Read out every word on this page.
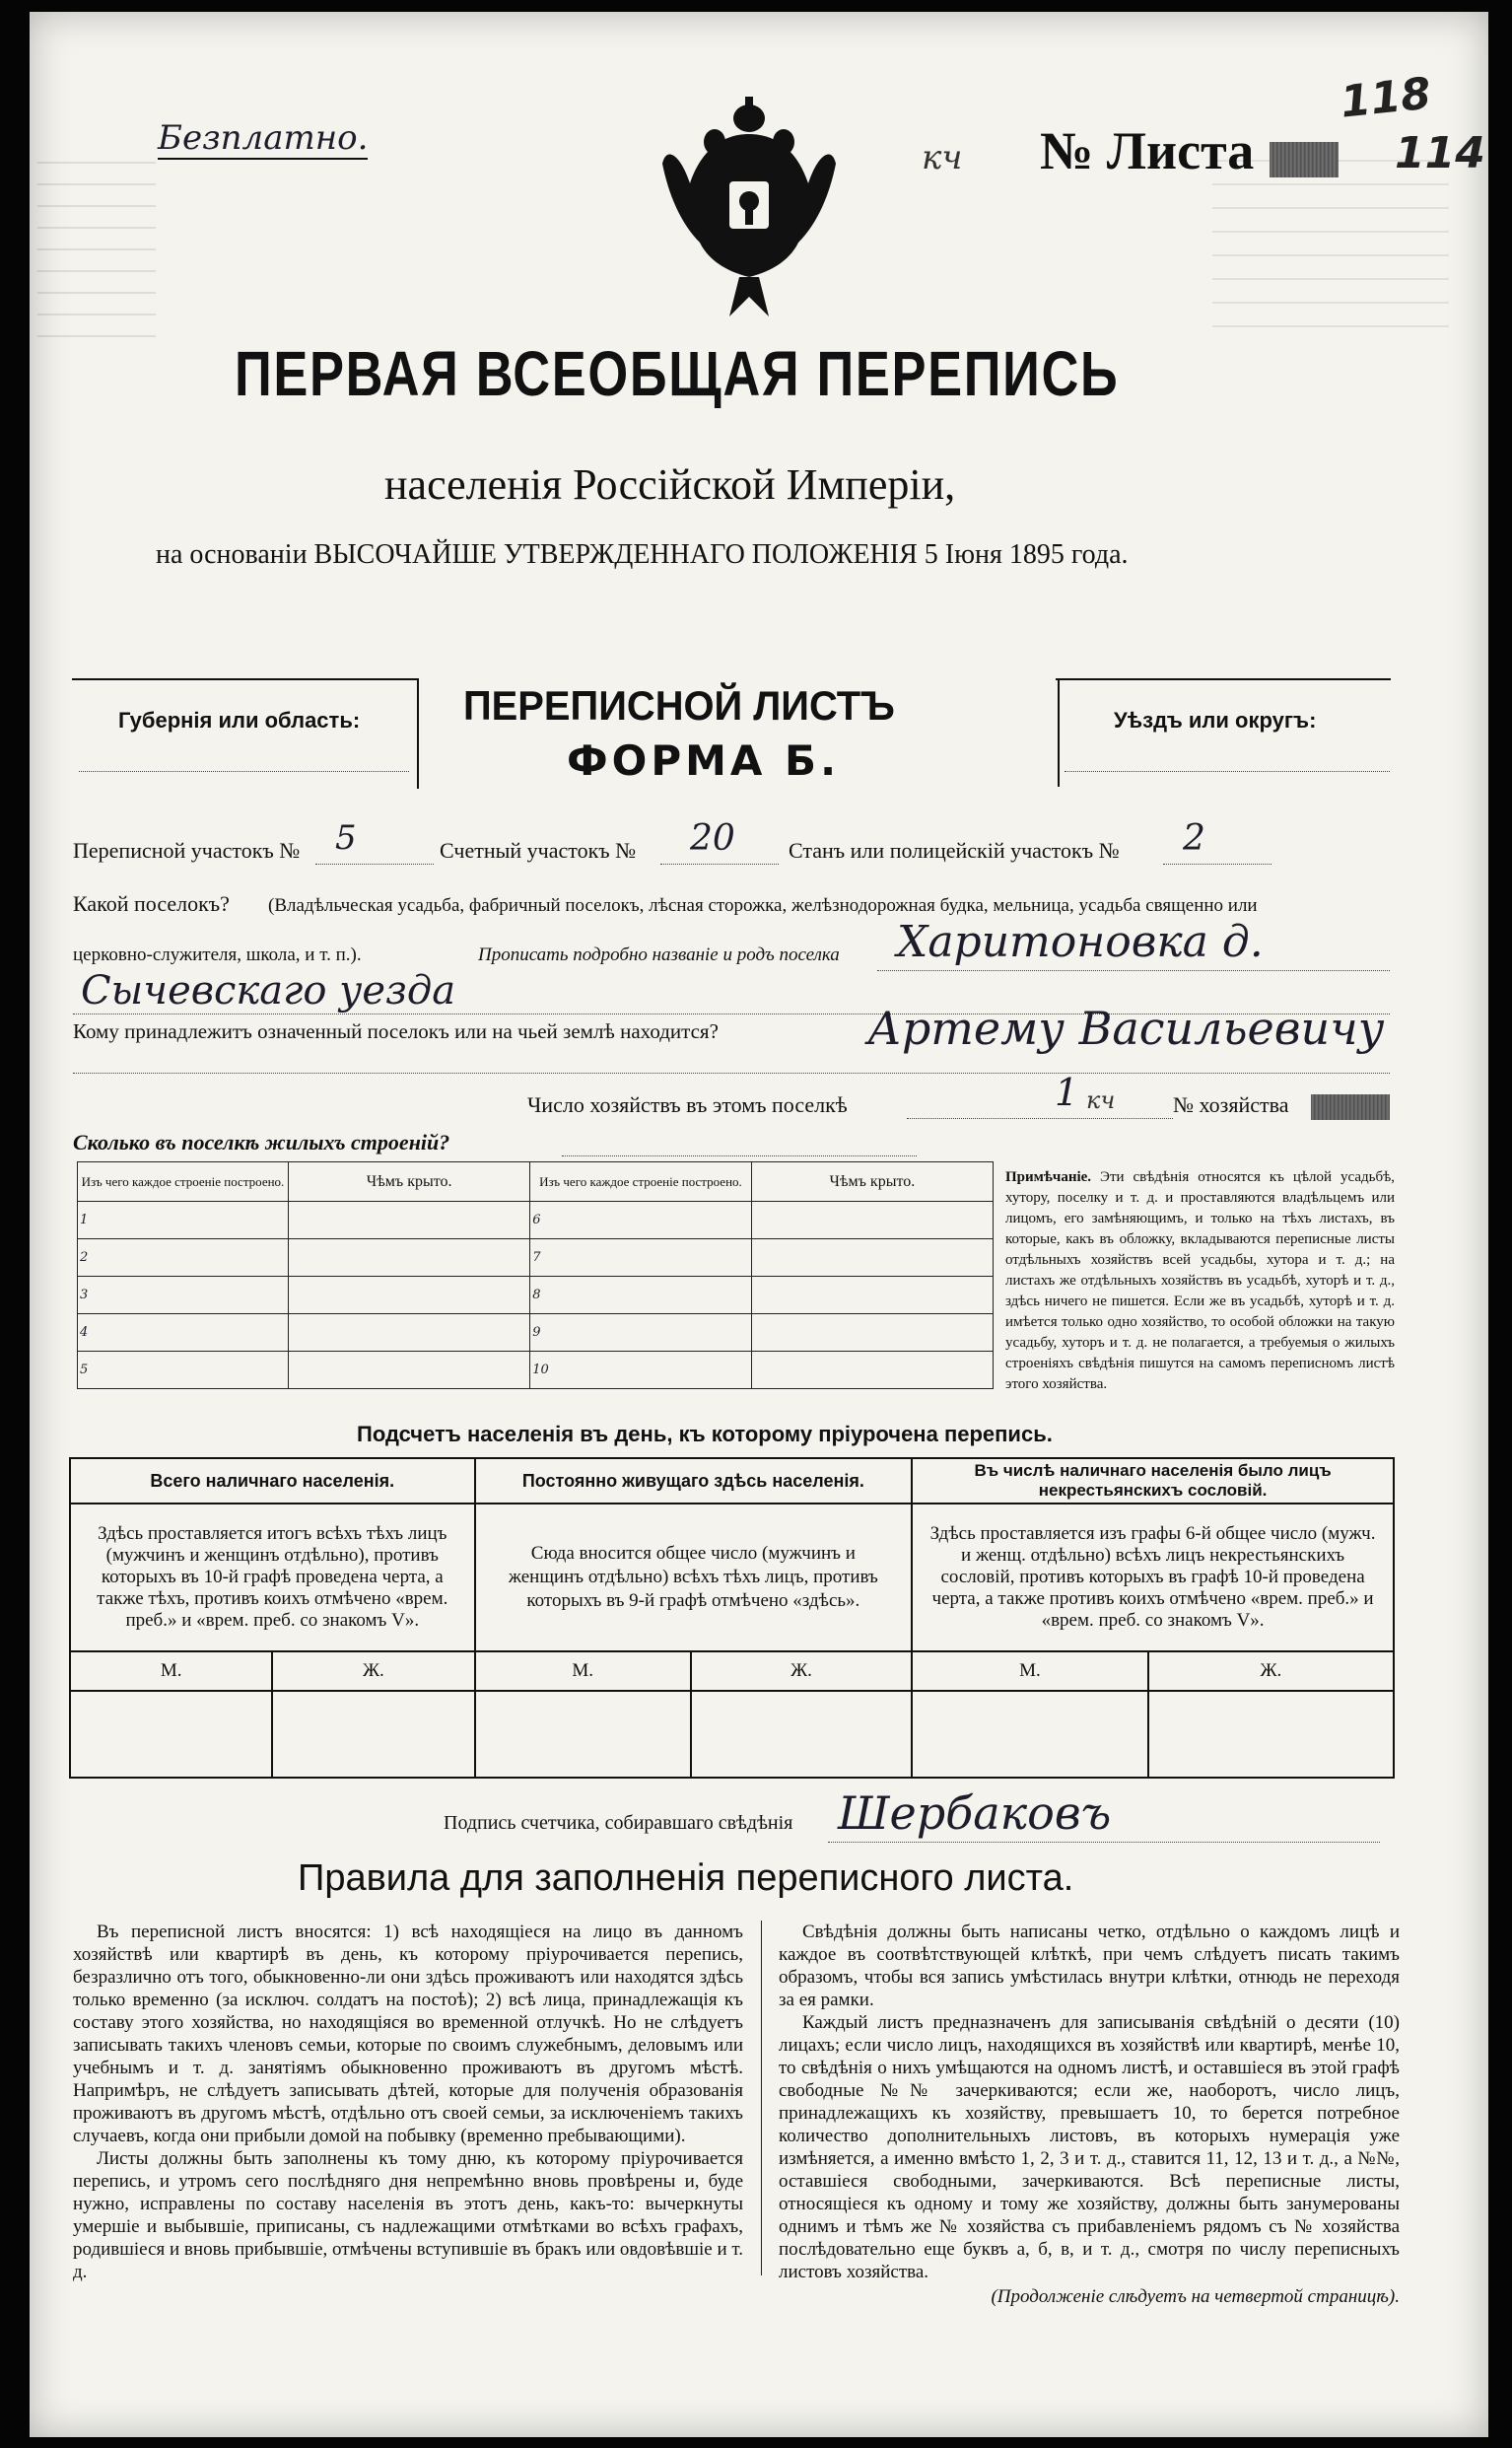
Безплатно.	кч № Листа
118
114
ПЕРВАЯ ВСЕОБЩАЯ ПЕРЕПИСЬ
населенія Россійской Имперіи,
на основаніи ВЫСОЧАЙШЕ УТВЕРЖДЕННАГО ПОЛОЖЕНІЯ 5 Іюня 1895 года.
Губернія или область: ПЕРЕПИСНОЙ ЛИСТЪ
ФОРМА Б.
Уѣздъ или округъ:
Переписной участокъ № 5	Счетный участокъ № 20 Станъ или полицейскій участокъ № 2
Какой поселокъ? (Владѣльческая усадьба, фабричный поселокъ, лѣсная сторожка, желѣзнодорожная будка, мельница, усадьба священно или
церковно-служителя, школа, и т. п.).	Прописать подробно названіе и родъ поселка Харитоновка д.
Сычевскаго уезда
Кому принадлежитъ означенный поселокъ или на чьей землѣ находится?	Артему Васильевичу
Число хозяйствъ въ этомъ поселкѣ	1 кч	№ хозяйства
Сколько въ поселкѣ жилыхъ строеній?
Изъ чего каждое строеніе построено.	Чѣмъ крыто.	Изъ чего каждое строеніе построено.	Чѣмъ крыто.
1		6	
2		7	
3		8	
4		9	
5		10	
Примѣчаніе. Эти свѣдѣнія относятся къ цѣлой усадьбѣ, хутору, поселку и т. д. и проставляются владѣльцемъ или лицомъ, его замѣняющимъ, и только на тѣхъ листахъ, въ которые, какъ въ обложку, вкладываются переписные листы отдѣльныхъ хозяйствъ всей усадьбы, хутора и т. д.; на листахъ же отдѣльныхъ хозяйствъ въ усадьбѣ, хуторѣ и т. д., здѣсь ничего не пишется. Если же въ усадьбѣ, хуторѣ и т. д. имѣется только одно хозяйство, то особой обложки на такую усадьбу, хуторъ и т. д. не полагается, а требуемыя о жилыхъ строеніяхъ свѣдѣнія пишутся на самомъ переписномъ листѣ этого хозяйства.
Подсчетъ населенія въ день, къ которому пріурочена перепись.
Всего наличнаго населенія.		Постоянно живущаго здѣсь населенія.		Въ числѣ наличнаго населенія было лицъ некрестьянскихъ сословій.	
Здѣсь проставляется итогъ всѣхъ тѣхъ лицъ (мужчинъ и женщинъ отдѣльно), противъ которыхъ въ 10-й графѣ проведена черта, а также тѣхъ, противъ коихъ отмѣчено «врем. преб.» и «врем. преб. со знакомъ V».		Сюда вносится общее число (мужчинъ и женщинъ отдѣльно) всѣхъ тѣхъ лицъ, противъ которыхъ въ 9-й графѣ отмѣчено «здѣсь».		Здѣсь проставляется изъ графы 6-й общее число (мужч. и женщ. отдѣльно) всѣхъ лицъ некрестьянскихъ сословій, противъ которыхъ въ графѣ 10-й проведена черта, а также противъ коихъ отмѣчено «врем. преб.» и «врем. преб. со знакомъ V».	
М.	Ж.	М.	Ж.	М.	Ж.

Подпись счетчика, собиравшаго свѣдѣнія Шербаковъ
Правила для заполненія переписного листа.
Въ переписной листъ вносятся: 1) всѣ находящіеся на лицо въ данномъ хозяйствѣ или квартирѣ въ день, къ которому пріурочивается перепись, безразлично отъ того, обыкновенно-ли они здѣсь проживаютъ или находятся здѣсь только временно (за исключ. солдатъ на постоѣ); 2) всѣ лица, принадлежащія къ составу этого хозяйства, но находящіяся во временной отлучкѣ. Но не слѣдуетъ записывать такихъ членовъ семьи, которые по своимъ служебнымъ, деловымъ или учебнымъ и т. д. занятіямъ обыкновенно проживаютъ въ другомъ мѣстѣ. Напримѣръ, не слѣдуетъ записывать дѣтей, которые для полученія образованія проживаютъ въ другомъ мѣстѣ, отдѣльно отъ своей семьи, за исключеніемъ такихъ случаевъ, когда они прибыли домой на побывку (временно пребывающими).
Листы должны быть заполнены къ тому дню, къ которому пріурочивается перепись, и утромъ сего послѣдняго дня непремѣнно вновь провѣрены и, буде нужно, исправлены по составу населенія въ этотъ день, какъ-то: вычеркнуты умершіе и выбывшіе, приписаны, съ надлежащими отмѣтками во всѣхъ графахъ, родившіеся и вновь прибывшіе, отмѣчены вступившіе въ бракъ или овдовѣвшіе и т. д.
Свѣдѣнія должны быть написаны четко, отдѣльно о каждомъ лицѣ и каждое въ соотвѣтствующей клѣткѣ, при чемъ слѣдуетъ писать такимъ образомъ, чтобы вся запись умѣстилась внутри клѣтки, отнюдь не переходя за ея рамки.
Каждый листъ предназначенъ для записыванія свѣдѣній о десяти (10) лицахъ; если число лицъ, находящихся въ хозяйствѣ или квартирѣ, менѣе 10, то свѣдѣнія о нихъ умѣщаются на одномъ листѣ, и оставшіеся въ этой графѣ свободные №№ зачеркиваются; если же, наоборотъ, число лицъ, принадлежащихъ къ хозяйству, превышаетъ 10, то берется потребное количество дополнительныхъ листовъ, въ которыхъ нумерація уже измѣняется, а именно вмѣсто 1, 2, 3 и т. д., ставится 11, 12, 13 и т. д., а №№, оставшіеся свободными, зачеркиваются. Всѣ переписные листы, относящіеся къ одному и тому же хозяйству, должны быть занумерованы однимъ и тѣмъ же № хозяйства съ прибавленіемъ рядомъ съ № хозяйства послѣдовательно еще буквъ а, б, в, и т. д., смотря по числу переписныхъ листовъ хозяйства.
(Продолженіе слѣдуетъ на четвертой страницѣ).
